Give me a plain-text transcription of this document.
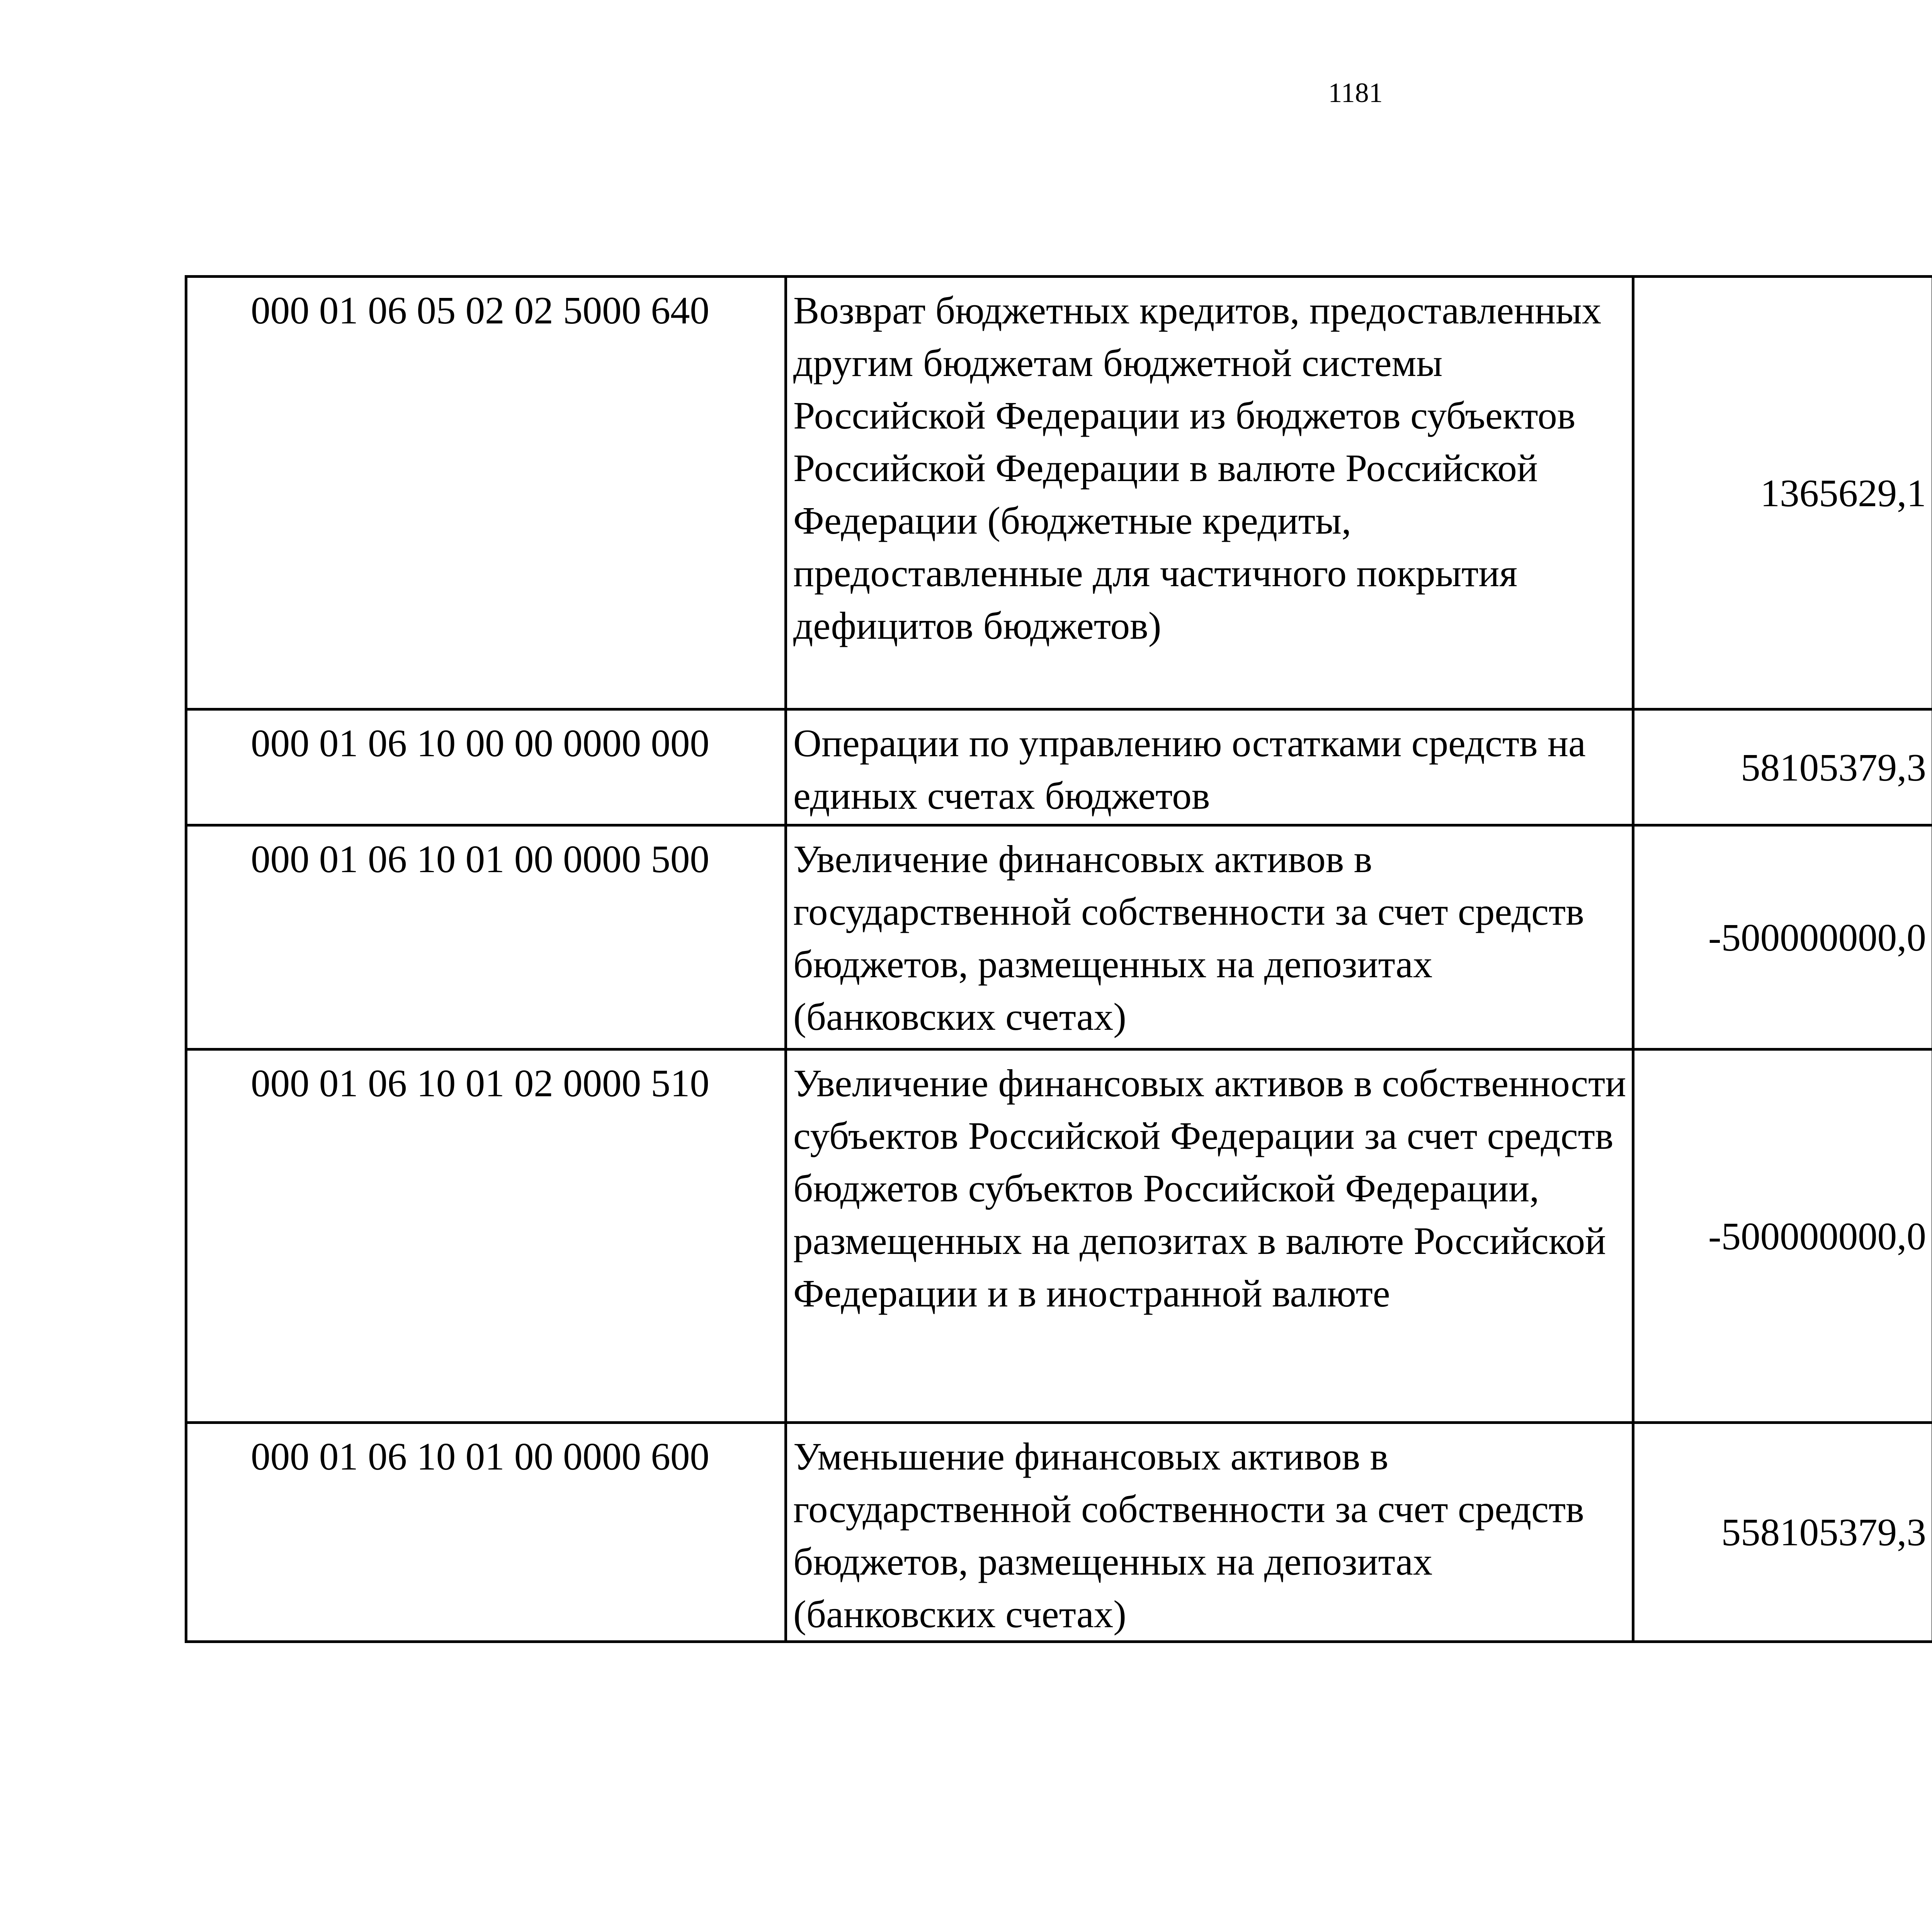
1181
000 01 06 05 02 02 5000 640	Возврат бюджетных кредитов, предоставленных другим бюджетам бюджетной системы Российской Федерации из бюджетов субъектов Российской Федерации в валюте Российской Федерации (бюджетные кредиты, предоставленные для частичного покрытия дефицитов бюджетов)	1365629,1		
000 01 06 10 00 00 0000 000	Операции по управлению остатками средств на единых счетах бюджетов	58105379,3		
000 01 06 10 01 00 0000 500	Увеличение финансовых активов в государственной собственности за счет средств бюджетов, размещенных на депозитах (банковских счетах)	-500000000,0		
000 01 06 10 01 02 0000 510	Увеличение финансовых активов в собственности субъектов Российской Федерации за счет средств бюджетов субъектов Российской Федерации, размещенных на депозитах в валюте Российской Федерации и в иностранной валюте	-500000000,0		
000 01 06 10 01 00 0000 600	Уменьшение финансовых активов в государственной собственности за счет средств бюджетов, размещенных на депозитах (банковских счетах)	558105379,3		
